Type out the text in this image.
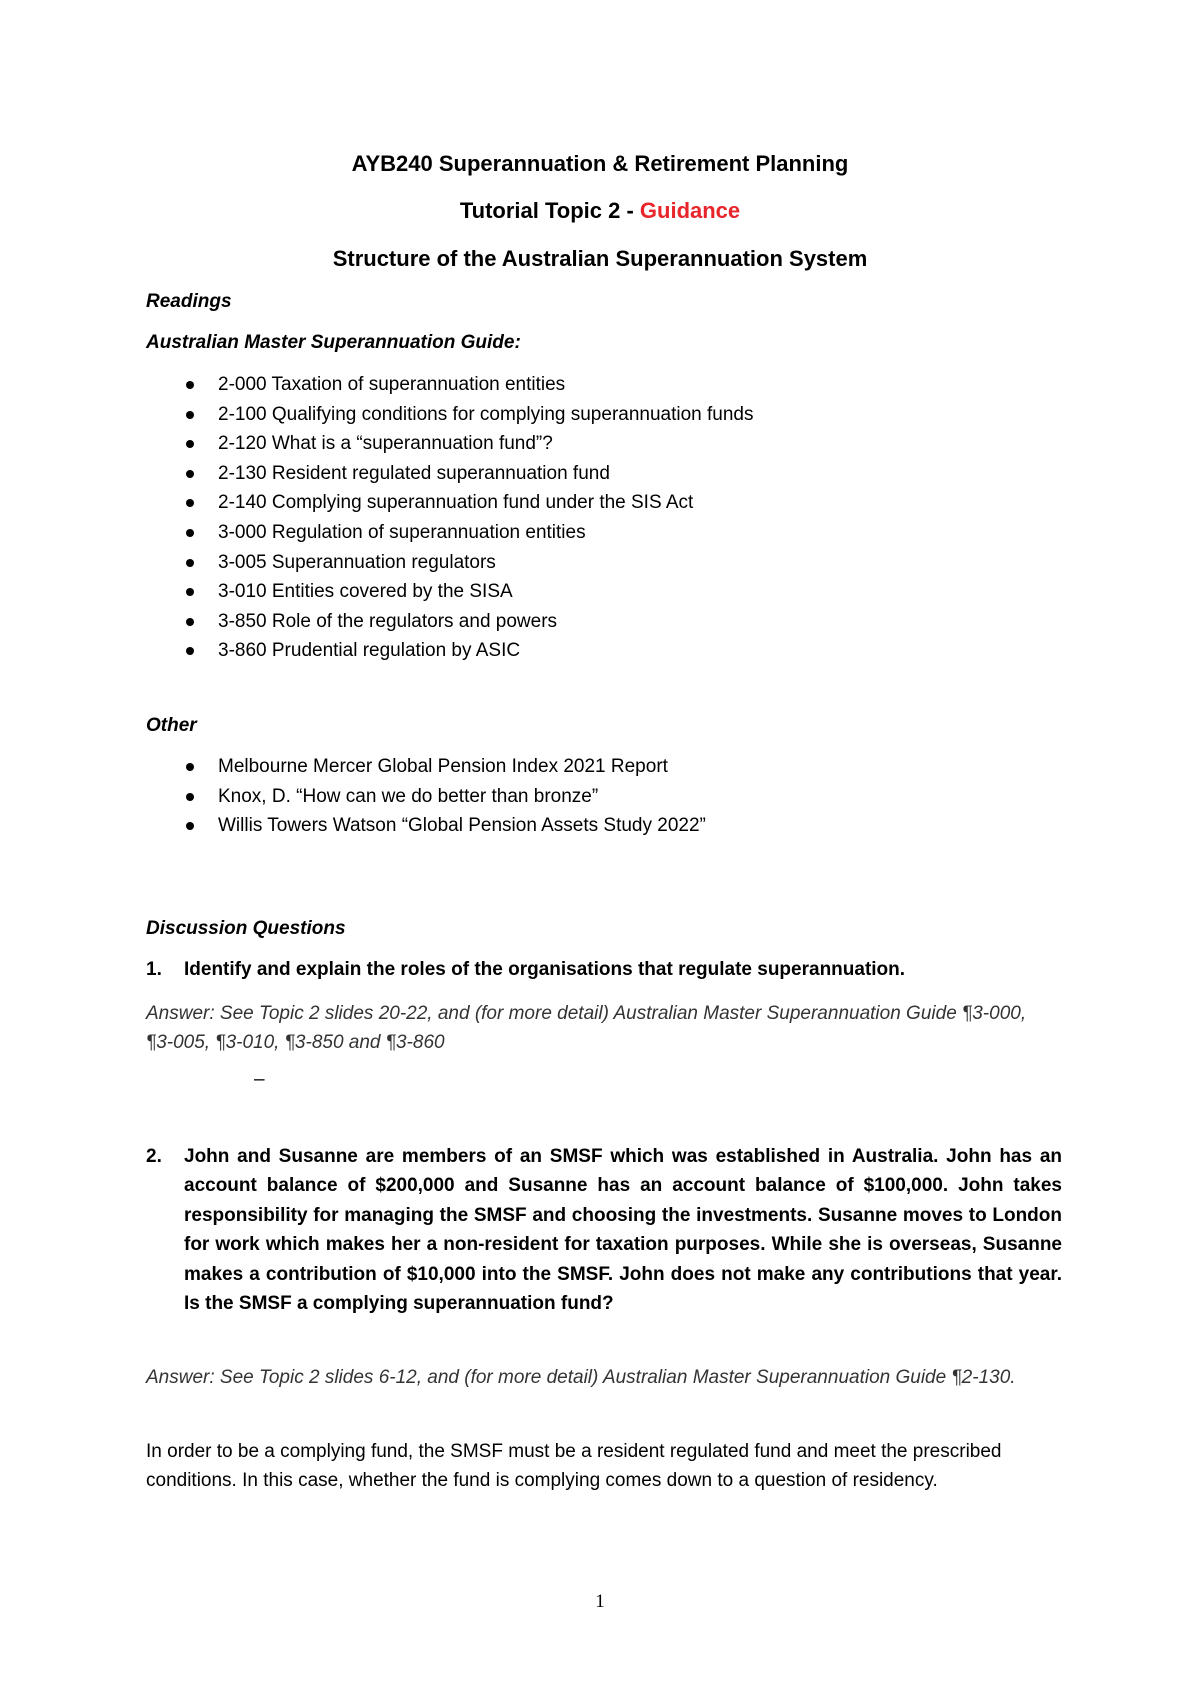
AYB240 Superannuation & Retirement Planning
Tutorial Topic 2 - Guidance
Structure of the Australian Superannuation System
Readings
Australian Master Superannuation Guide:
2-000 Taxation of superannuation entities
2-100 Qualifying conditions for complying superannuation funds
2-120 What is a “superannuation fund”?
2-130 Resident regulated superannuation fund
2-140 Complying superannuation fund under the SIS Act
3-000 Regulation of superannuation entities
3-005 Superannuation regulators
3-010 Entities covered by the SISA
3-850 Role of the regulators and powers
3-860 Prudential regulation by ASIC
Other
Melbourne Mercer Global Pension Index 2021 Report
Knox, D. “How can we do better than bronze”
Willis Towers Watson “Global Pension Assets Study 2022”
Discussion Questions
1. Identify and explain the roles of the organisations that regulate superannuation.
Answer: See Topic 2 slides 20-22, and (for more detail) Australian Master Superannuation Guide ¶3-000, ¶3-005, ¶3-010, ¶3-850 and ¶3-860
–
2. John and Susanne are members of an SMSF which was established in Australia. John has an account balance of $200,000 and Susanne has an account balance of $100,000. John takes responsibility for managing the SMSF and choosing the investments. Susanne moves to London for work which makes her a non-resident for taxation purposes. While she is overseas, Susanne makes a contribution of $10,000 into the SMSF. John does not make any contributions that year. Is the SMSF a complying superannuation fund?
Answer: See Topic 2 slides 6-12, and (for more detail) Australian Master Superannuation Guide ¶2-130.
In order to be a complying fund, the SMSF must be a resident regulated fund and meet the prescribed conditions. In this case, whether the fund is complying comes down to a question of residency.
1
